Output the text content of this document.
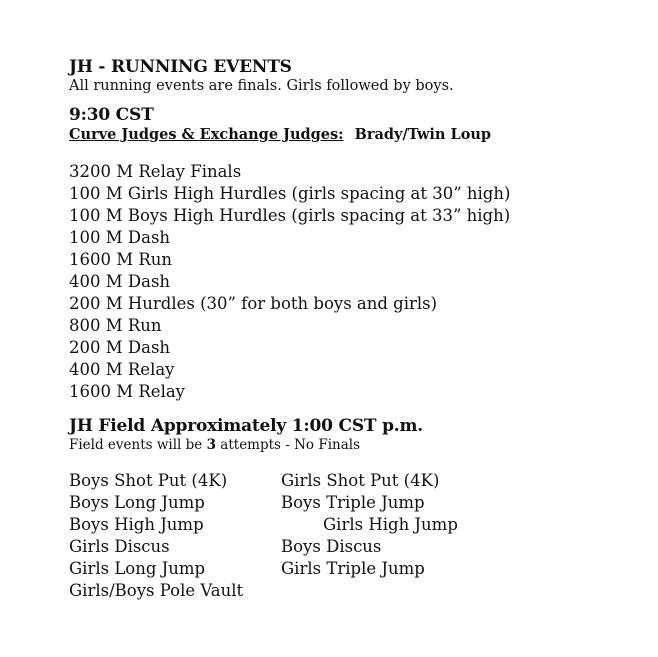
JH - RUNNING EVENTS
All running events are finals. Girls followed by boys.
9:30 CST
Curve Judges & Exchange Judges: Brady/Twin Loup
3200 M Relay Finals
100 M Girls High Hurdles (girls spacing at 30” high)
100 M Boys High Hurdles (girls spacing at 33” high)
100 M Dash
1600 M Run
400 M Dash
200 M Hurdles (30” for both boys and girls)
800 M Run
200 M Dash
400 M Relay
1600 M Relay
JH Field Approximately 1:00 CST p.m.
Field events will be 3 attempts - No Finals
Boys Shot Put (4K)	Girls Shot Put (4K)
Boys Long Jump	Boys Triple Jump
Boys High Jump	Girls High Jump
Girls Discus	Boys Discus
Girls Long Jump	Girls Triple Jump
Girls/Boys Pole Vault
